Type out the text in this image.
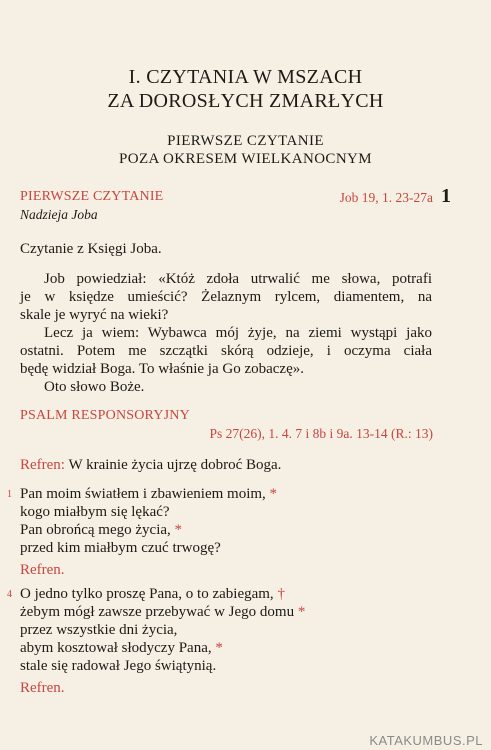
I. CZYTANIA W MSZACH
ZA DOROSŁYCH ZMARŁYCH
PIERWSZE CZYTANIE
POZA OKRESEM WIELKANOCNYM
PIERWSZE CZYTANIE
Nadzieja Joba
Job 19, 1. 23-27a 1
Czytanie z Księgi Joba.
Job powiedział: «Któż zdoła utrwalić me słowa, potrafi
je w księdze umieścić? Żelaznym rylcem, diamentem, na
skale je wyryć na wieki?
Lecz ja wiem: Wybawca mój żyje, na ziemi wystąpi jako
ostatni. Potem me szczątki skórą odzieje, i oczyma ciała
będę widział Boga. To właśnie ja Go zobaczę».
Oto słowo Boże.
PSALM RESPONSORYJNY
Ps 27(26), 1. 4. 7 i 8b i 9a. 13-14 (R.: 13)
Refren: W krainie życia ujrzę dobroć Boga.
1 Pan moim światłem i zbawieniem moim, *
kogo miałbym się lękać?
Pan obrońcą mego życia, *
przed kim miałbym czuć trwogę?
Refren.
4 O jedno tylko proszę Pana, o to zabiegam, †
żebym mógł zawsze przebywać w Jego domu *
przez wszystkie dni życia,
abym kosztował słodyczy Pana, *
stale się radował Jego świątynią.
Refren.
KATAKUMBUS.PL
